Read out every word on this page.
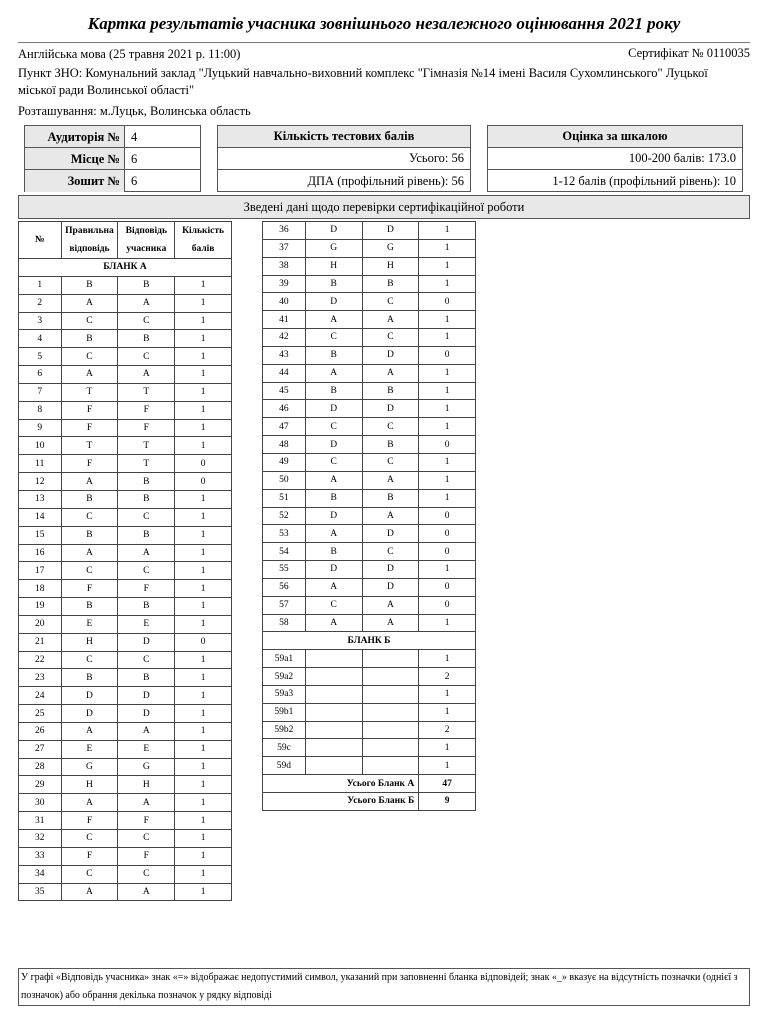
Картка результатів учасника зовнішнього незалежного оцінювання 2021 року
Англійська мова (25 травня 2021 р. 11:00)	Сертифікат № 0110035
Пункт ЗНО: Комунальний заклад "Луцький навчально-виховний комплекс "Гімназія №14 імені Василя Сухомлинського" Луцької міської ради Волинської області"
Розташування: м.Луцьк, Волинська область
Аудиторія № 4
Місце № 6
Зошит № 6
Кількість тестових балів
Усього: 56
ДПА (профільний рівень): 56
Оцінка за шкалою
100-200 балів: 173.0
1-12 балів (профільний рівень): 10
Зведені дані щодо перевірки сертифікаційної роботи
№	Правильна відповідь	Відповідь учасника	Кількість балів
БЛАНК А			
1	B	B	1
2	A	A	1
3	C	C	1
4	B	B	1
5	C	C	1
6	A	A	1
7	T	T	1
8	F	F	1
9	F	F	1
10	T	T	1
11	F	T	0
12	A	B	0
13	B	B	1
14	C	C	1
15	B	B	1
16	A	A	1
17	C	C	1
18	F	F	1
19	B	B	1
20	E	E	1
21	H	D	0
22	C	C	1
23	B	B	1
24	D	D	1
25	D	D	1
26	A	A	1
27	E	E	1
28	G	G	1
29	H	H	1
30	A	A	1
31	F	F	1
32	C	C	1
33	F	F	1
34	C	C	1
35	A	A	1
36	D	D	1
37	G	G	1
38	H	H	1
39	B	B	1
40	D	C	0
41	A	A	1
42	C	C	1
43	B	D	0
44	A	A	1
45	B	B	1
46	D	D	1
47	C	C	1
48	D	B	0
49	C	C	1
50	A	A	1
51	B	B	1
52	D	A	0
53	A	D	0
54	B	C	0
55	D	D	1
56	A	D	0
57	C	A	0
58	A	A	1
БЛАНК Б			
59a1			1
59a2			2
59a3			1
59b1			1
59b2			2
59c			1
59d			1
Усього Бланк А			47
Усього Бланк Б			9
У графі «Відповідь учасника» знак «=» відображає недопустимий символ, указаний при заповненні бланка відповідей; знак «_» вказує на відсутність позначки (однієї з позначок) або обрання декілька позначок у рядку відповіді
